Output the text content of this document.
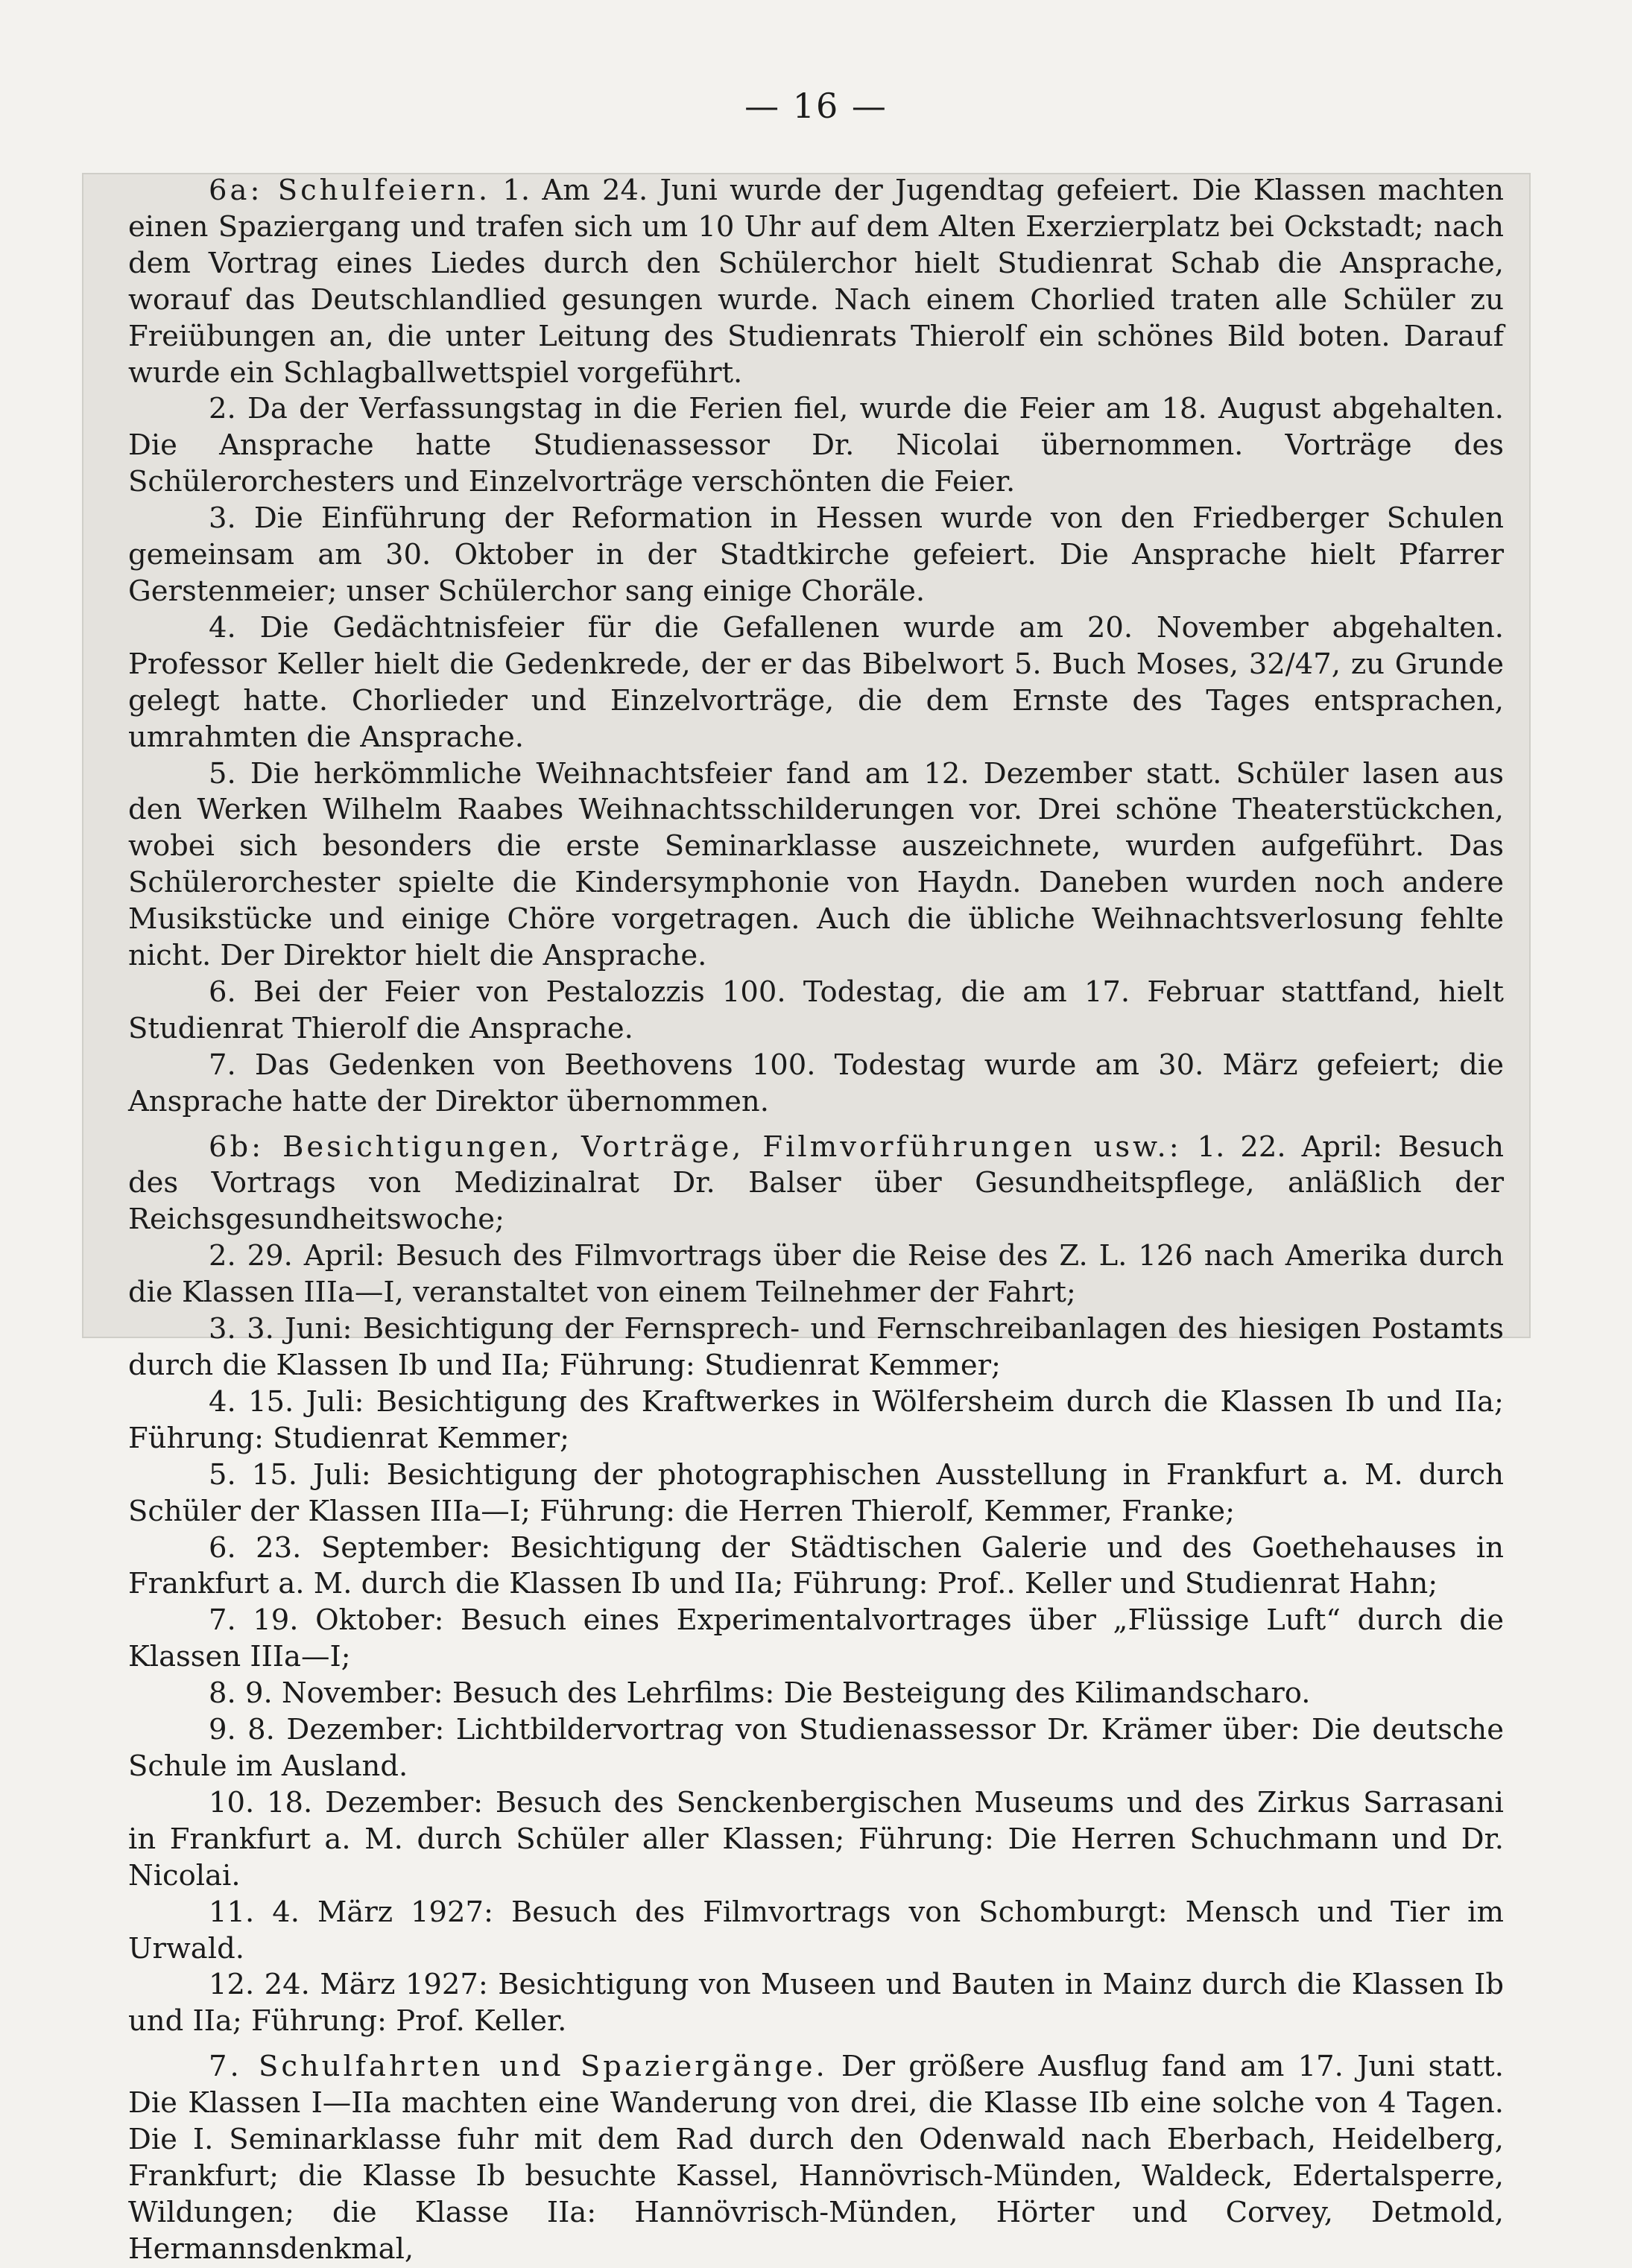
— 16 —

6a: Schulfeiern. 1. Am 24. Juni wurde der Jugendtag gefeiert. Die Klassen machten einen Spaziergang und trafen sich um 10 Uhr auf dem Alten Exerzierplatz bei Ockstadt; nach dem Vortrag eines Liedes durch den Schülerchor hielt Studienrat Schab die Ansprache, worauf das Deutschlandlied gesungen wurde. Nach einem Chorlied traten alle Schüler zu Freiübungen an, die unter Leitung des Studienrats Thierolf ein schönes Bild boten. Darauf wurde ein Schlagballwettspiel vorgeführt.

2. Da der Verfassungstag in die Ferien fiel, wurde die Feier am 18. August abgehalten. Die Ansprache hatte Studienassessor Dr. Nicolai übernommen. Vorträge des Schülerorchesters und Einzelvorträge verschönten die Feier.

3. Die Einführung der Reformation in Hessen wurde von den Friedberger Schulen gemeinsam am 30. Oktober in der Stadtkirche gefeiert. Die Ansprache hielt Pfarrer Gerstenmeier; unser Schülerchor sang einige Choräle.

4. Die Gedächtnisfeier für die Gefallenen wurde am 20. November abgehalten. Professor Keller hielt die Gedenkrede, der er das Bibelwort 5. Buch Moses, 32/47, zu Grunde gelegt hatte. Chorlieder und Einzelvorträge, die dem Ernste des Tages entsprachen, umrahmten die Ansprache.

5. Die herkömmliche Weihnachtsfeier fand am 12. Dezember statt. Schüler lasen aus den Werken Wilhelm Raabes Weihnachtsschilderungen vor. Drei schöne Theaterstückchen, wobei sich besonders die erste Seminarklasse auszeichnete, wurden aufgeführt. Das Schülerorchester spielte die Kindersymphonie von Haydn. Daneben wurden noch andere Musikstücke und einige Chöre vorgetragen. Auch die übliche Weihnachtsverlosung fehlte nicht. Der Direktor hielt die Ansprache.

6. Bei der Feier von Pestalozzis 100. Todestag, die am 17. Februar stattfand, hielt Studienrat Thierolf die Ansprache.

7. Das Gedenken von Beethovens 100. Todestag wurde am 30. März gefeiert; die Ansprache hatte der Direktor übernommen.

6b: Besichtigungen, Vorträge, Filmvorführungen usw.: 1. 22. April: Besuch des Vortrags von Medizinalrat Dr. Balser über Gesundheitspflege, anläßlich der Reichsgesundheitswoche;

2. 29. April: Besuch des Filmvortrags über die Reise des Z. L. 126 nach Amerika durch die Klassen IIIa—I, veranstaltet von einem Teilnehmer der Fahrt;

3. 3. Juni: Besichtigung der Fernsprech- und Fernschreibanlagen des hiesigen Postamts durch die Klassen Ib und IIa; Führung: Studienrat Kemmer;

4. 15. Juli: Besichtigung des Kraftwerkes in Wölfersheim durch die Klassen Ib und IIa; Führung: Studienrat Kemmer;

5. 15. Juli: Besichtigung der photographischen Ausstellung in Frankfurt a. M. durch Schüler der Klassen IIIa—I; Führung: die Herren Thierolf, Kemmer, Franke;

6. 23. September: Besichtigung der Städtischen Galerie und des Goethehauses in Frankfurt a. M. durch die Klassen Ib und IIa; Führung: Prof.. Keller und Studienrat Hahn;

7. 19. Oktober: Besuch eines Experimentalvortrages über „Flüssige Luft“ durch die Klassen IIIa—I;

8. 9. November: Besuch des Lehrfilms: Die Besteigung des Kilimandscharo.

9. 8. Dezember: Lichtbildervortrag von Studienassessor Dr. Krämer über: Die deutsche Schule im Ausland.

10. 18. Dezember: Besuch des Senckenbergischen Museums und des Zirkus Sarrasani in Frankfurt a. M. durch Schüler aller Klassen; Führung: Die Herren Schuchmann und Dr. Nicolai.

11. 4. März 1927: Besuch des Filmvortrags von Schomburgt: Mensch und Tier im Urwald.

12. 24. März 1927: Besichtigung von Museen und Bauten in Mainz durch die Klassen Ib und IIa; Führung: Prof. Keller.

7. Schulfahrten und Spaziergänge. Der größere Ausflug fand am 17. Juni statt. Die Klassen I—IIa machten eine Wanderung von drei, die Klasse IIb eine solche von 4 Tagen. Die I. Seminarklasse fuhr mit dem Rad durch den Odenwald nach Eberbach, Heidelberg, Frankfurt; die Klasse Ib besuchte Kassel, Hannövrisch-Münden, Waldeck, Edertalsperre, Wildungen; die Klasse IIa: Hannövrisch-Münden, Hörter und Corvey, Detmold, Hermannsdenkmal,
